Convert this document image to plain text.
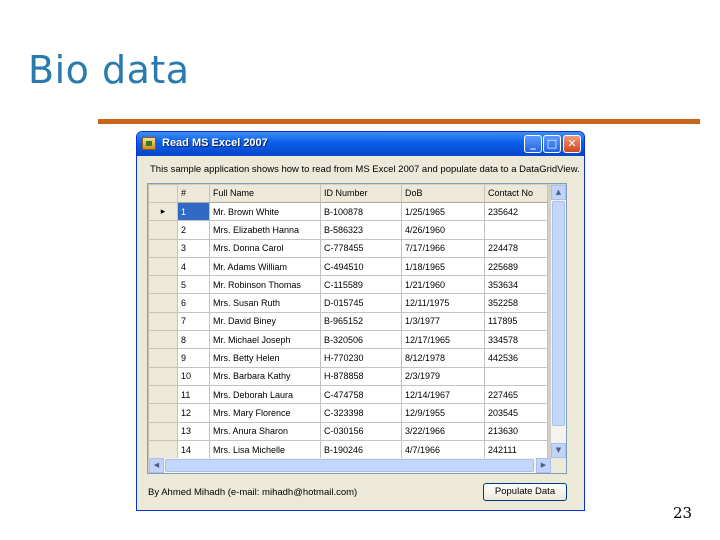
Bio data
Read MS Excel 2007	_	□ ✕
This sample application shows how to read from MS Excel 2007 and populate data to a DataGridView.
	#	Full Name	ID Number	DoB	Contact No
▸	1	Mr. Brown White	B-100878	1/25/1965	235642
	2	Mrs. Elizabeth Hanna	B-586323	4/26/1960	
	3	Mrs. Donna Carol	C-778455	7/17/1966	224478
	4	Mr. Adams William	C-494510	1/18/1965	225689
	5	Mr. Robinson Thomas	C-115589	1/21/1960	353634
	6	Mrs. Susan Ruth	D-015745	12/11/1975	352258
	7	Mr. David Biney	B-965152	1/3/1977	117895
	8	Mr. Michael Joseph	B-320506	12/17/1965	334578
	9	Mrs. Betty Helen	H-770230	8/12/1978	442536
	10	Mrs. Barbara Kathy	H-878858	2/3/1979	
	11	Mrs. Deborah Laura	C-474758	12/14/1967	227465
	12	Mrs. Mary Florence	C-323398	12/9/1955	203545
	13	Mrs. Anura Sharon	C-030156	3/22/1966	213630
	14	Mrs. Lisa Michelle	B-190246	4/7/1966	242111
▲
▼
◀	▶
By Ahmed Mihadh (e-mail: mihadh@hotmail.com)	Populate Data
23
